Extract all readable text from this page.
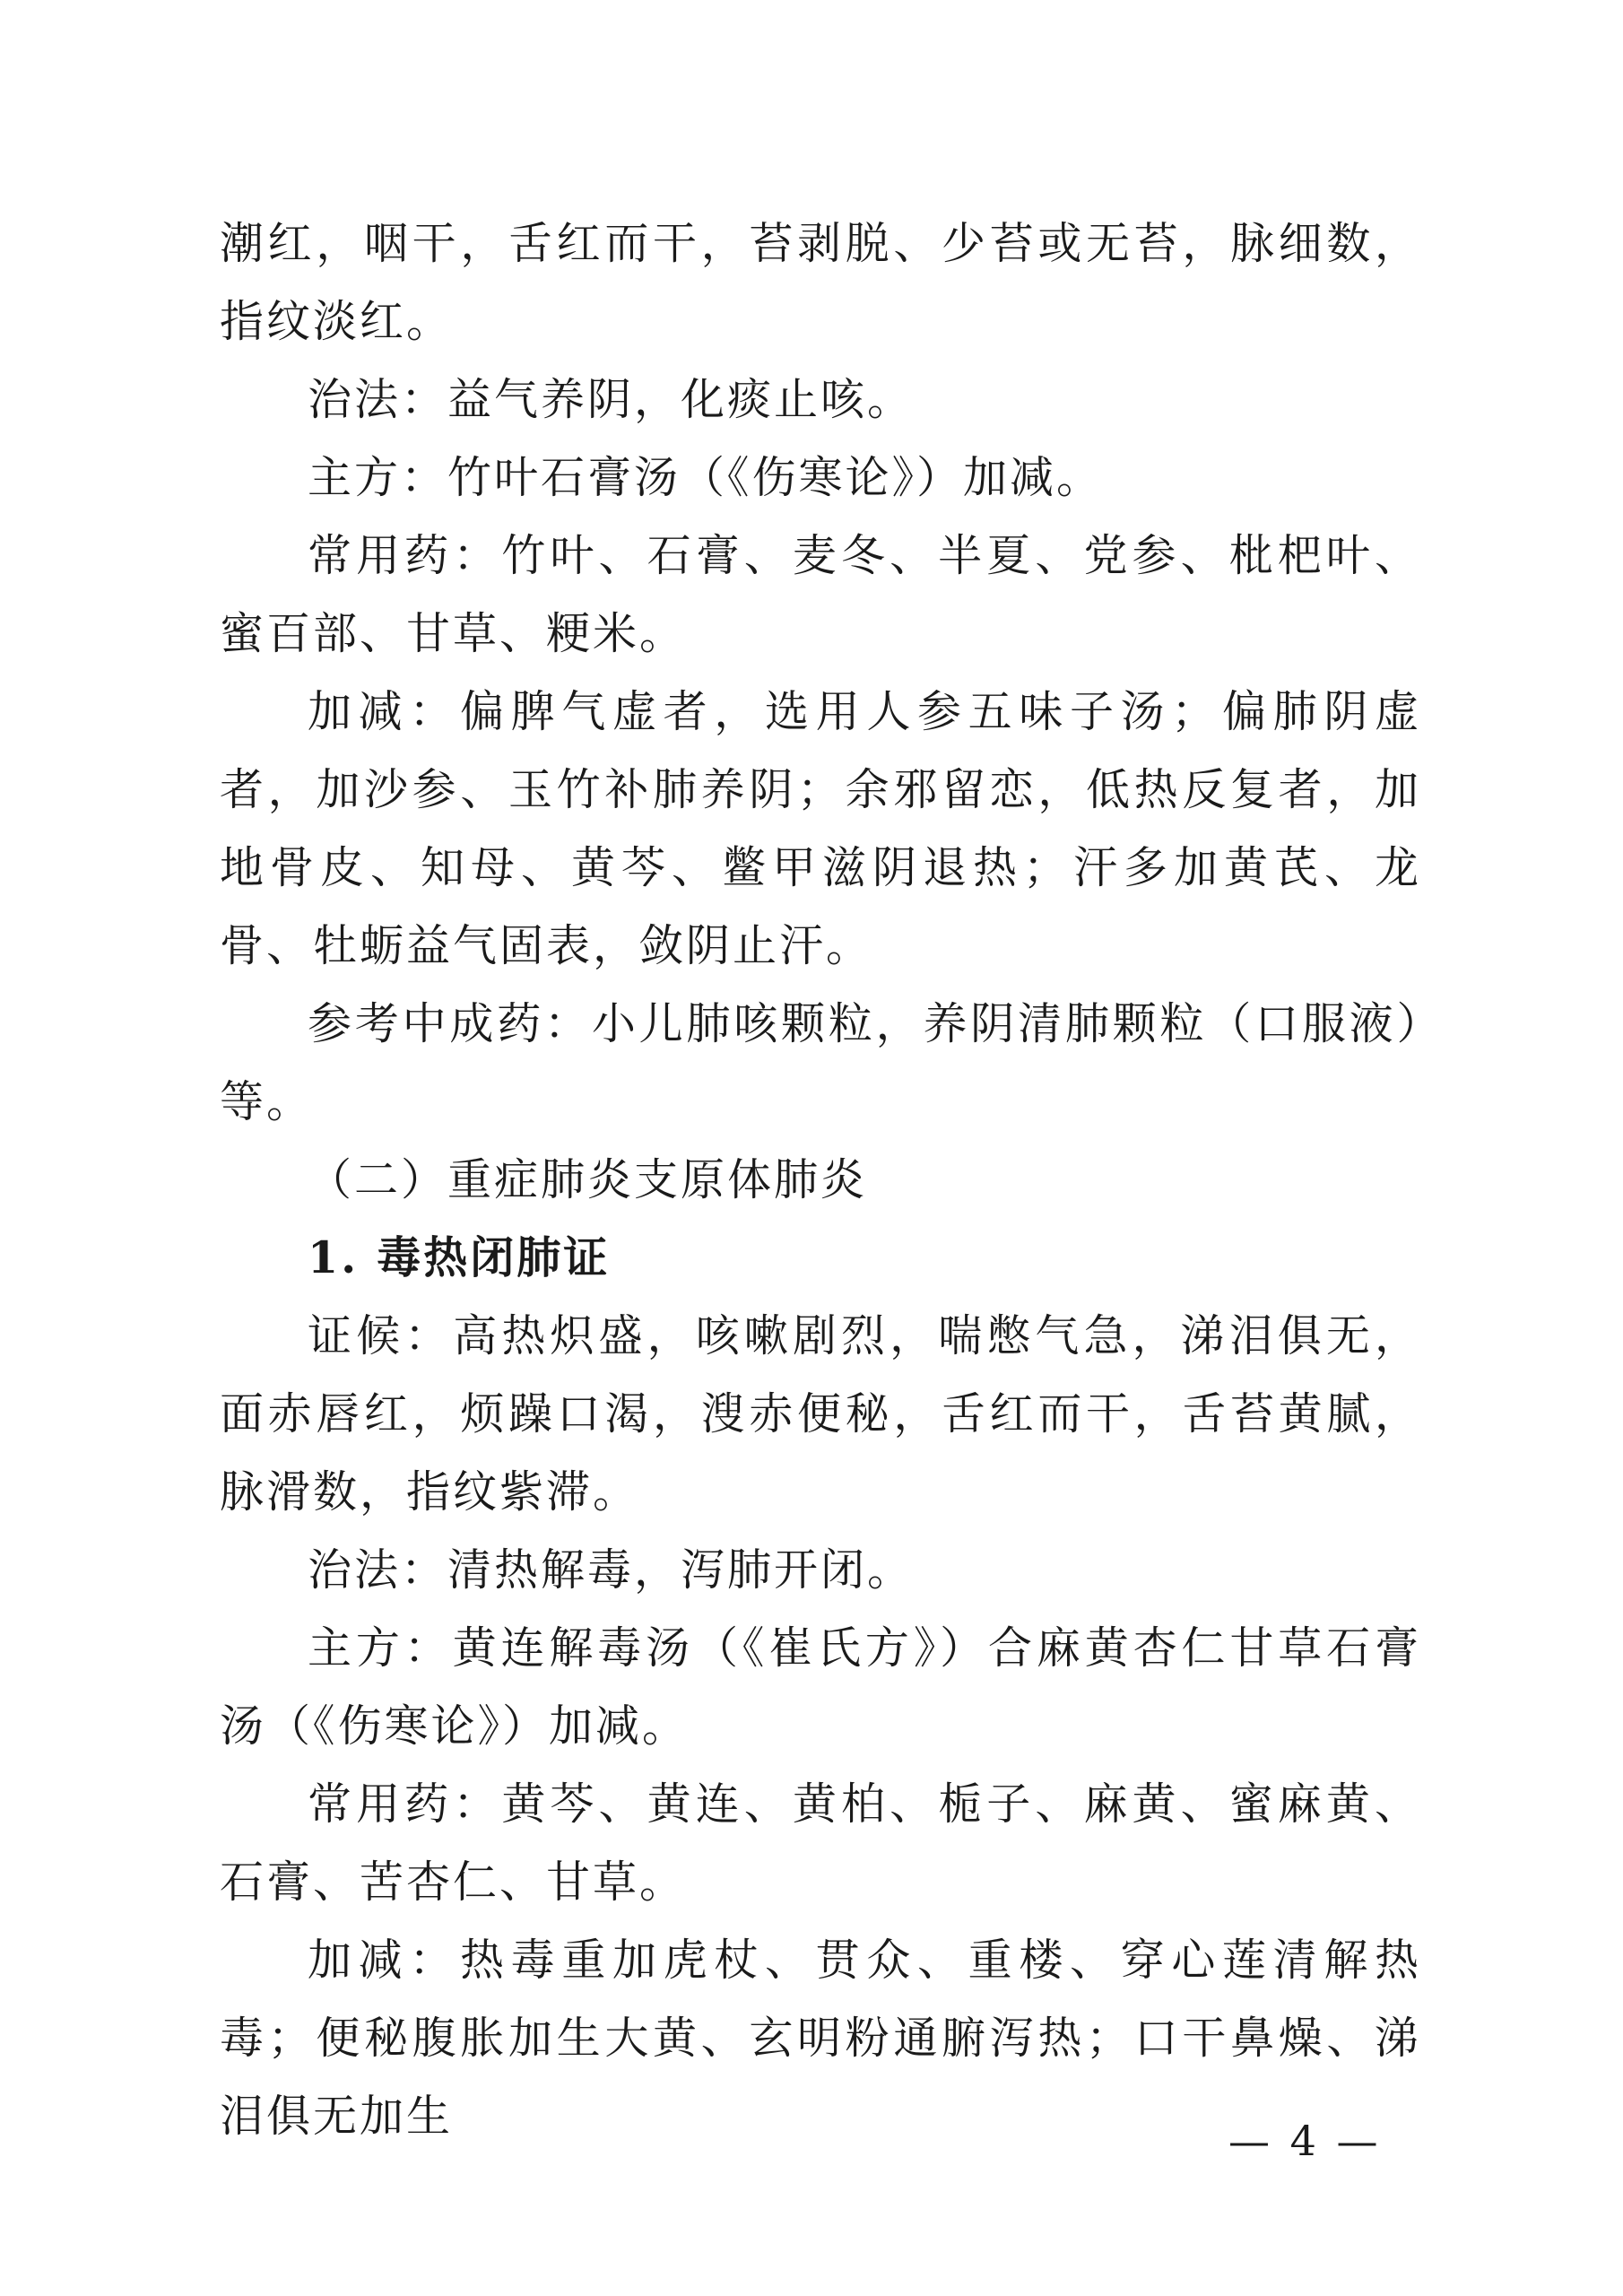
潮红，咽干，舌红而干，苔剥脱、少苔或无苔，脉细数，指纹淡红。

治法：益气养阴，化痰止咳。

主方：竹叶石膏汤（《伤寒论》）加减。

常用药：竹叶、石膏、麦冬、半夏、党参、枇杷叶、蜜百部、甘草、粳米。

加减：偏脾气虚者，选用人参五味子汤；偏肺阴虚者，加沙参、玉竹补肺养阴；余邪留恋，低热反复者，加地骨皮、知母、黄芩、鳖甲滋阴退热；汗多加黄芪、龙骨、牡蛎益气固表，敛阴止汗。

参考中成药：小儿肺咳颗粒，养阴清肺颗粒（口服液）等。

（二）重症肺炎支原体肺炎

1. 毒热闭肺证

证候：高热炽盛，咳嗽剧烈，喘憋气急，涕泪俱无，面赤唇红，烦躁口渴，溲赤便秘，舌红而干，舌苔黄腻，脉滑数，指纹紫滞。

治法：清热解毒，泻肺开闭。

主方：黄连解毒汤（《崔氏方》）合麻黄杏仁甘草石膏汤（《伤寒论》）加减。

常用药：黄芩、黄连、黄柏、栀子、麻黄、蜜麻黄、石膏、苦杏仁、甘草。

加减：热毒重加虎杖、贯众、重楼、穿心莲清解热毒；便秘腹胀加生大黄、玄明粉通腑泻热；口干鼻燥、涕泪俱无加生	— 4 —
